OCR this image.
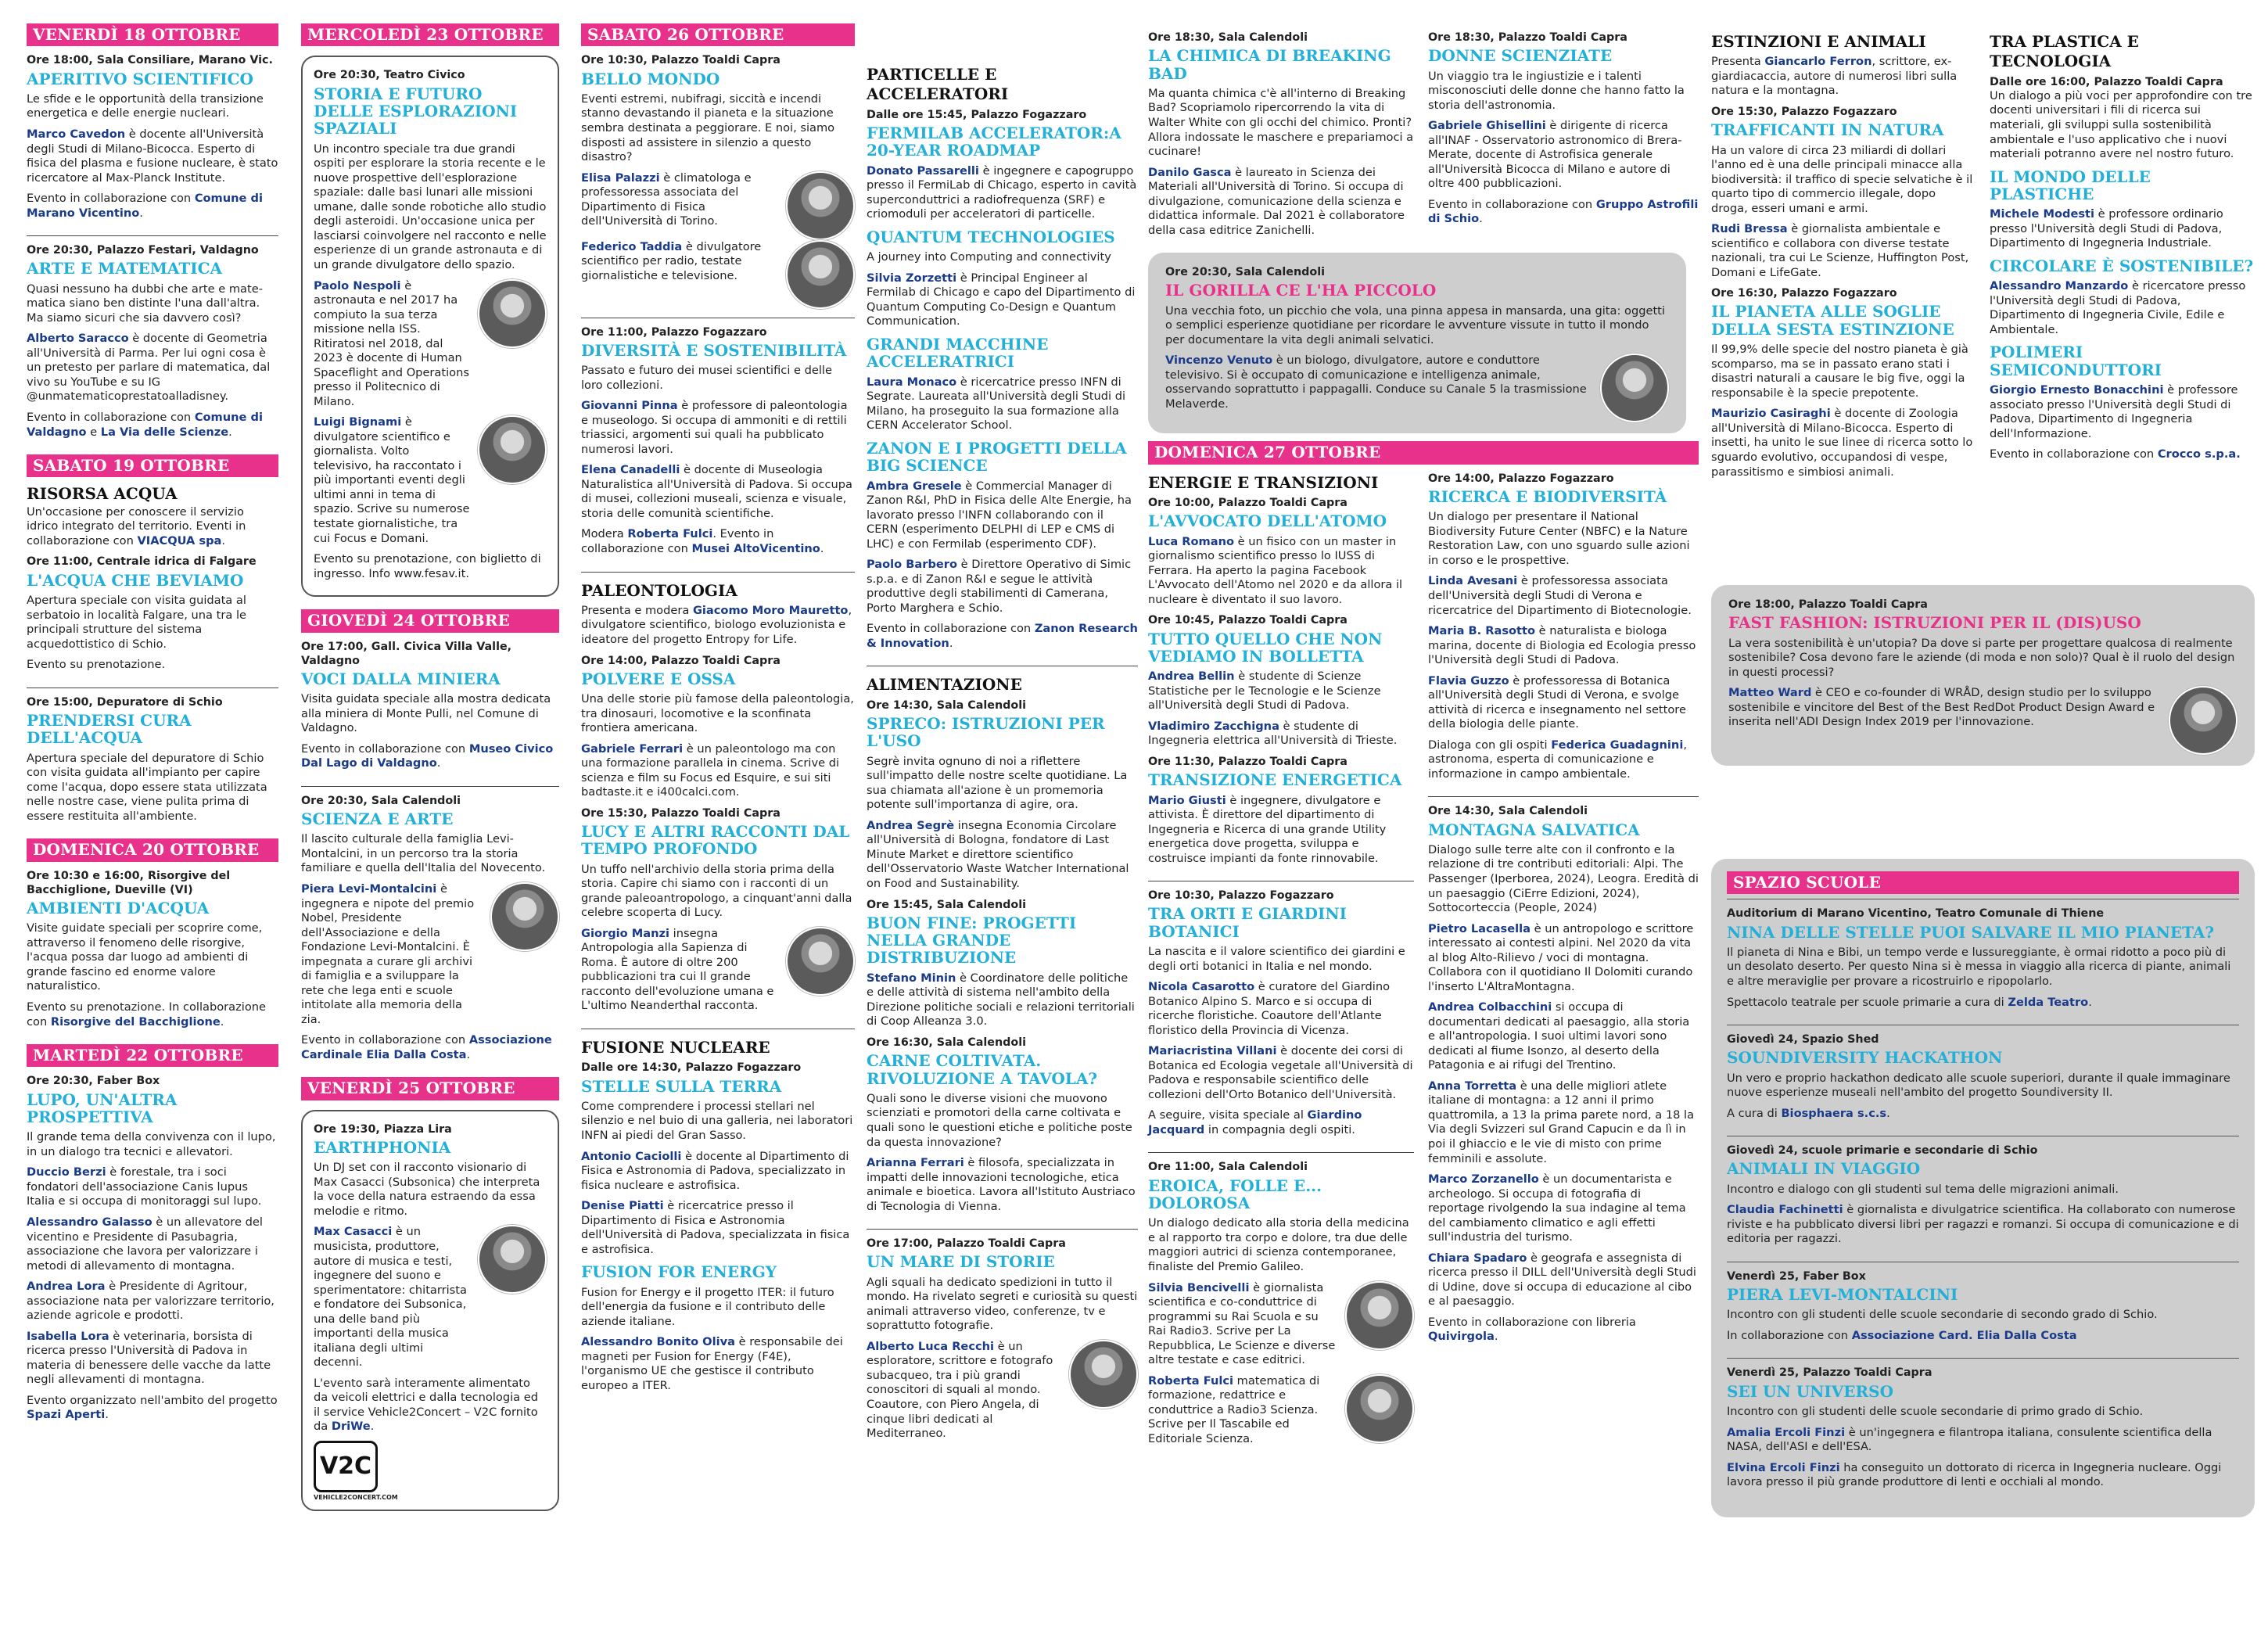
VENERDÌ 18 OTTOBRE
Ore 18:00, Sala Consiliare, Marano Vic.
APERITIVO SCIENTIFICO
Le sfide e le opportunità della transizione energetica e delle energie nucleari.
Marco Cavedon è docente all'Università degli Studi di Milano-Bicocca. Esperto di fisica del plasma e fusione nucleare, è stato ricercatore al Max-Planck Institute.
Evento in collaborazione con Comune di Marano Vicentino.
Ore 20:30, Palazzo Festari, Valdagno
ARTE E MATEMATICA
Quasi nessuno ha dubbi che arte e mate-matica siano ben distinte l'una dall'altra. Ma siamo sicuri che sia davvero così?
Alberto Saracco è docente di Geometria all'Università di Parma. Per lui ogni cosa è un pretesto per parlare di matematica, dal vivo su YouTube e su IG @unmatematicoprestatoalladisney.
Evento in collaborazione con Comune di Valdagno e La Via delle Scienze.
SABATO 19 OTTOBRE
RISORSA ACQUA
Un'occasione per conoscere il servizio idrico integrato del territorio. Eventi in collaborazione con VIACQUA spa.
Ore 11:00, Centrale idrica di Falgare
L'ACQUA CHE BEVIAMO
Apertura speciale con visita guidata al serbatoio in località Falgare, una tra le principali strutture del sistema acquedottistico di Schio.
Evento su prenotazione.
Ore 15:00, Depuratore di Schio
PRENDERSI CURA DELL'ACQUA
Apertura speciale del depuratore di Schio con visita guidata all'impianto per capire come l'acqua, dopo essere stata utilizzata nelle nostre case, viene pulita prima di essere restituita all'ambiente.
DOMENICA 20 OTTOBRE
Ore 10:30 e 16:00, Risorgive del Bacchiglione, Dueville (VI)
AMBIENTI D'ACQUA
Visite guidate speciali per scoprire come, attraverso il fenomeno delle risorgive, l'acqua possa dar luogo ad ambienti di grande fascino ed enorme valore naturalistico.
Evento su prenotazione. In collaborazione con Risorgive del Bacchiglione.
MARTEDÌ 22 OTTOBRE
Ore 20:30, Faber Box
LUPO, UN'ALTRA PROSPETTIVA
Il grande tema della convivenza con il lupo, in un dialogo tra tecnici e allevatori.
Duccio Berzi è forestale, tra i soci fondatori dell'associazione Canis lupus Italia e si occupa di monitoraggi sul lupo.
Alessandro Galasso è un allevatore del vicentino e Presidente di Pasubagria, associazione che lavora per valorizzare i metodi di allevamento di montagna.
Andrea Lora è Presidente di Agritour, associazione nata per valorizzare territorio, aziende agricole e prodotti.
Isabella Lora è veterinaria, borsista di ricerca presso l'Università di Padova in materia di benessere delle vacche da latte negli allevamenti di montagna.
Evento organizzato nell'ambito del progetto Spazi Aperti.
MERCOLEDÌ 23 OTTOBRE
Ore 20:30, Teatro Civico
STORIA E FUTURO DELLE ESPLORAZIONI SPAZIALI
Un incontro speciale tra due grandi ospiti per esplorare la storia recente e le nuove prospettive dell'esplorazione spaziale: dalle basi lunari alle missioni umane, dalle sonde robotiche allo studio degli asteroidi. Un'occasione unica per lasciarsi coinvolgere nel racconto e nelle esperienze di un grande astronauta e di un grande divulgatore dello spazio.
Paolo Nespoli è astronauta e nel 2017 ha compiuto la sua terza missione nella ISS. Ritiratosi nel 2018, dal 2023 è docente di Human Spaceflight and Operations presso il Politecnico di Milano.
Luigi Bignami è divulgatore scientifico e giornalista. Volto televisivo, ha raccontato i più importanti eventi degli ultimi anni in tema di spazio. Scrive su numerose testate giornalistiche, tra cui Focus e Domani.
Evento su prenotazione, con biglietto di ingresso. Info www.fesav.it.
GIOVEDÌ 24 OTTOBRE
Ore 17:00, Gall. Civica Villa Valle, Valdagno
VOCI DALLA MINIERA
Visita guidata speciale alla mostra dedicata alla miniera di Monte Pulli, nel Comune di Valdagno.
Evento in collaborazione con Museo Civico Dal Lago di Valdagno.
Ore 20:30, Sala Calendoli
SCIENZA E ARTE
Il lascito culturale della famiglia Levi-Montalcini, in un percorso tra la storia familiare e quella dell'Italia del Novecento.
Piera Levi-Montalcini è ingegnera e nipote del premio Nobel, Presidente dell'Associazione e della Fondazione Levi-Montalcini. È impegnata a curare gli archivi di famiglia e a sviluppare la rete che lega enti e scuole intitolate alla memoria della zia.
Evento in collaborazione con Associazione Cardinale Elia Dalla Costa.
VENERDÌ 25 OTTOBRE
Ore 19:30, Piazza Lira
EARTHPHONIA
Un DJ set con il racconto visionario di Max Casacci (Subsonica) che interpreta la voce della natura estraendo da essa melodie e ritmo.
Max Casacci è un musicista, produttore, autore di musica e testi, ingegnere del suono e sperimentatore: chitarrista e fondatore dei Subsonica, una delle band più importanti della musica italiana degli ultimi decenni.
L'evento sarà interamente alimentato da veicoli elettrici e dalla tecnologia ed il service Vehicle2Concert – V2C fornito da DriWe.
V2C
VEHICLE2CONCERT.COM
SABATO 26 OTTOBRE
Ore 10:30, Palazzo Toaldi Capra
BELLO MONDO
Eventi estremi, nubifragi, siccità e incendi stanno devastando il pianeta e la situazione sembra destinata a peggiorare. E noi, siamo disposti ad assistere in silenzio a questo disastro?
Elisa Palazzi è climatologa e professoressa associata del Dipartimento di Fisica dell'Università di Torino.
Federico Taddia è divulgatore scientifico per radio, testate giornalistiche e televisione.
Ore 11:00, Palazzo Fogazzaro
DIVERSITÀ E SOSTENIBILITÀ
Passato e futuro dei musei scientifici e delle loro collezioni.
Giovanni Pinna è professore di paleontologia e museologo. Si occupa di ammoniti e di rettili triassici, argomenti sui quali ha pubblicato numerosi lavori.
Elena Canadelli è docente di Museologia Naturalistica all'Università di Padova. Si occupa di musei, collezioni museali, scienza e visuale, storia delle comunità scientifiche.
Modera Roberta Fulci. Evento in collaborazione con Musei AltoVicentino.
PALEONTOLOGIA
Presenta e modera Giacomo Moro Mauretto, divulgatore scientifico, biologo evoluzionista e ideatore del progetto Entropy for Life.
Ore 14:00, Palazzo Toaldi Capra
POLVERE E OSSA
Una delle storie più famose della paleontologia, tra dinosauri, locomotive e la sconfinata frontiera americana.
Gabriele Ferrari è un paleontologo ma con una formazione parallela in cinema. Scrive di scienza e film su Focus ed Esquire, e sui siti badtaste.it e i400calci.com.
Ore 15:30, Palazzo Toaldi Capra
LUCY E ALTRI RACCONTI DAL TEMPO PROFONDO
Un tuffo nell'archivio della storia prima della storia. Capire chi siamo con i racconti di un grande paleoantropologo, a cinquant'anni dalla celebre scoperta di Lucy.
Giorgio Manzi insegna Antropologia alla Sapienza di Roma. È autore di oltre 200 pubblicazioni tra cui Il grande racconto dell'evoluzione umana e L'ultimo Neanderthal racconta.
FUSIONE NUCLEARE
Dalle ore 14:30, Palazzo Fogazzaro
STELLE SULLA TERRA
Come comprendere i processi stellari nel silenzio e nel buio di una galleria, nei laboratori INFN ai piedi del Gran Sasso.
Antonio Caciolli è docente al Dipartimento di Fisica e Astronomia di Padova, specializzato in fisica nucleare e astrofisica.
Denise Piatti è ricercatrice presso il Dipartimento di Fisica e Astronomia dell'Università di Padova, specializzata in fisica e astrofisica.
FUSION FOR ENERGY
Fusion for Energy e il progetto ITER: il futuro dell'energia da fusione e il contributo delle aziende italiane.
Alessandro Bonito Oliva è responsabile dei magneti per Fusion for Energy (F4E), l'organismo UE che gestisce il contributo europeo a ITER.
PARTICELLE E ACCELERATORI
Dalle ore 15:45, Palazzo Fogazzaro
FERMILAB ACCELERATOR:A 20-YEAR ROADMAP
Donato Passarelli è ingegnere e capogruppo presso il FermiLab di Chicago, esperto in cavità superconduttrici a radiofrequenza (SRF) e criomoduli per acceleratori di particelle.
QUANTUM TECHNOLOGIES
A journey into Computing and connectivity
Silvia Zorzetti è Principal Engineer al Fermilab di Chicago e capo del Dipartimento di Quantum Computing Co-Design e Quantum Communication.
GRANDI MACCHINE ACCELERATRICI
Laura Monaco è ricercatrice presso INFN di Segrate. Laureata all'Università degli Studi di Milano, ha proseguito la sua formazione alla CERN Accelerator School.
ZANON E I PROGETTI DELLA BIG SCIENCE
Ambra Gresele è Commercial Manager di Zanon R&I, PhD in Fisica delle Alte Energie, ha lavorato presso l'INFN collaborando con il CERN (esperimento DELPHI di LEP e CMS di LHC) e con Fermilab (esperimento CDF).
Paolo Barbero è Direttore Operativo di Simic s.p.a. e di Zanon R&I e segue le attività produttive degli stabilimenti di Camerana, Porto Marghera e Schio.
Evento in collaborazione con Zanon Research & Innovation.
ALIMENTAZIONE
Ore 14:30, Sala Calendoli
SPRECO: ISTRUZIONI PER L'USO
Segrè invita ognuno di noi a riflettere sull'impatto delle nostre scelte quotidiane. La sua chiamata all'azione è un promemoria potente sull'importanza di agire, ora.
Andrea Segrè insegna Economia Circolare all'Università di Bologna, fondatore di Last Minute Market e direttore scientifico dell'Osservatorio Waste Watcher International on Food and Sustainability.
Ore 15:45, Sala Calendoli
BUON FINE: PROGETTI NELLA GRANDE DISTRIBUZIONE
Stefano Minin è Coordinatore delle politiche e delle attività di sistema nell'ambito della Direzione politiche sociali e relazioni territoriali di Coop Alleanza 3.0.
Ore 16:30, Sala Calendoli
CARNE COLTIVATA. RIVOLUZIONE A TAVOLA?
Quali sono le diverse visioni che muovono scienziati e promotori della carne coltivata e quali sono le questioni etiche e politiche poste da questa innovazione?
Arianna Ferrari è filosofa, specializzata in impatti delle innovazioni tecnologiche, etica animale e bioetica. Lavora all'Istituto Austriaco di Tecnologia di Vienna.
Ore 17:00, Palazzo Toaldi Capra
UN MARE DI STORIE
Agli squali ha dedicato spedizioni in tutto il mondo. Ha rivelato segreti e curiosità su questi animali attraverso video, conferenze, tv e soprattutto fotografie.
Alberto Luca Recchi è un esploratore, scrittore e fotografo subacqueo, tra i più grandi conoscitori di squali al mondo. Coautore, con Piero Angela, di cinque libri dedicati al Mediterraneo.
Ore 18:30, Sala Calendoli
LA CHIMICA DI BREAKING BAD
Ma quanta chimica c'è all'interno di Breaking Bad? Scopriamolo ripercorrendo la vita di Walter White con gli occhi del chimico. Pronti? Allora indossate le maschere e prepariamoci a cucinare!
Danilo Gasca è laureato in Scienza dei Materiali all'Università di Torino. Si occupa di divulgazione, comunicazione della scienza e didattica informale. Dal 2021 è collaboratore della casa editrice Zanichelli.
Ore 18:30, Palazzo Toaldi Capra
DONNE SCIENZIATE
Un viaggio tra le ingiustizie e i talenti misconosciuti delle donne che hanno fatto la storia dell'astronomia.
Gabriele Ghisellini è dirigente di ricerca all'INAF - Osservatorio astronomico di Brera-Merate, docente di Astrofisica generale all'Università Bicocca di Milano e autore di oltre 400 pubblicazioni.
Evento in collaborazione con Gruppo Astrofili di Schio.
Ore 20:30, Sala Calendoli
IL GORILLA CE L'HA PICCOLO
Una vecchia foto, un picchio che vola, una pinna appesa in mansarda, una gita: oggetti o semplici esperienze quotidiane per ricordare le avventure vissute in tutto il mondo per documentare la vita degli animali selvatici.
Vincenzo Venuto è un biologo, divulgatore, autore e conduttore televisivo. Si è occupato di comunicazione e intelligenza animale, osservando soprattutto i pappagalli. Conduce su Canale 5 la trasmissione Melaverde.
DOMENICA 27 OTTOBRE
ENERGIE E TRANSIZIONI
Ore 10:00, Palazzo Toaldi Capra
L'AVVOCATO DELL'ATOMO
Luca Romano è un fisico con un master in giornalismo scientifico presso lo IUSS di Ferrara. Ha aperto la pagina Facebook L'Avvocato dell'Atomo nel 2020 e da allora il nucleare è diventato il suo lavoro.
Ore 10:45, Palazzo Toaldi Capra
TUTTO QUELLO CHE NON VEDIAMO IN BOLLETTA
Andrea Bellin è studente di Scienze Statistiche per le Tecnologie e le Scienze all'Università degli Studi di Padova.
Vladimiro Zacchigna è studente di Ingegneria elettrica all'Università di Trieste.
Ore 11:30, Palazzo Toaldi Capra
TRANSIZIONE ENERGETICA
Mario Giusti è ingegnere, divulgatore e attivista. È direttore del dipartimento di Ingegneria e Ricerca di una grande Utility energetica dove progetta, sviluppa e costruisce impianti da fonte rinnovabile.
Ore 10:30, Palazzo Fogazzaro
TRA ORTI E GIARDINI BOTANICI
La nascita e il valore scientifico dei giardini e degli orti botanici in Italia e nel mondo.
Nicola Casarotto è curatore del Giardino Botanico Alpino S. Marco e si occupa di ricerche floristiche. Coautore dell'Atlante floristico della Provincia di Vicenza.
Mariacristina Villani è docente dei corsi di Botanica ed Ecologia vegetale all'Università di Padova e responsabile scientifico delle collezioni dell'Orto Botanico dell'Università.
A seguire, visita speciale al Giardino Jacquard in compagnia degli ospiti.
Ore 11:00, Sala Calendoli
EROICA, FOLLE E... DOLOROSA
Un dialogo dedicato alla storia della medicina e al rapporto tra corpo e dolore, tra due delle maggiori autrici di scienza contemporanee, finaliste del Premio Galileo.
Silvia Bencivelli è giornalista scientifica e co-conduttrice di programmi su Rai Scuola e su Rai Radio3. Scrive per La Repubblica, Le Scienze e diverse altre testate e case editrici.
Roberta Fulci matematica di formazione, redattrice e conduttrice a Radio3 Scienza. Scrive per Il Tascabile ed Editoriale Scienza.
Ore 14:00, Palazzo Fogazzaro
RICERCA E BIODIVERSITÀ
Un dialogo per presentare il National Biodiversity Future Center (NBFC) e la Nature Restoration Law, con uno sguardo sulle azioni in corso e le prospettive.
Linda Avesani è professoressa associata dell'Università degli Studi di Verona e ricercatrice del Dipartimento di Biotecnologie.
Maria B. Rasotto è naturalista e biologa marina, docente di Biologia ed Ecologia presso l'Università degli Studi di Padova.
Flavia Guzzo è professoressa di Botanica all'Università degli Studi di Verona, e svolge attività di ricerca e insegnamento nel settore della biologia delle piante.
Dialoga con gli ospiti Federica Guadagnini, astronoma, esperta di comunicazione e informazione in campo ambientale.
Ore 14:30, Sala Calendoli
MONTAGNA SALVATICA
Dialogo sulle terre alte con il confronto e la relazione di tre contributi editoriali: Alpi. The Passenger (Iperborea, 2024), Leogra. Eredità di un paesaggio (CiErre Edizioni, 2024), Sottocorteccia (People, 2024)
Pietro Lacasella è un antropologo e scrittore interessato ai contesti alpini. Nel 2020 da vita al blog Alto-Rilievo / voci di montagna. Collabora con il quotidiano Il Dolomiti curando l'inserto L'AltraMontagna.
Andrea Colbacchini si occupa di documentari dedicati al paesaggio, alla storia e all'antropologia. I suoi ultimi lavori sono dedicati al fiume Isonzo, al deserto della Patagonia e ai rifugi del Trentino.
Anna Torretta è una delle migliori atlete italiane di montagna: a 12 anni il primo quattromila, a 13 la prima parete nord, a 18 la Via degli Svizzeri sul Grand Capucin e da lì in poi il ghiaccio e le vie di misto con prime femminili e assolute.
Marco Zorzanello è un documentarista e archeologo. Si occupa di fotografia di reportage rivolgendo la sua indagine al tema del cambiamento climatico e agli effetti sull'industria del turismo.
Chiara Spadaro è geografa e assegnista di ricerca presso il DILL dell'Università degli Studi di Udine, dove si occupa di educazione al cibo e al paesaggio.
Evento in collaborazione con libreria Quivirgola.
ESTINZIONI E ANIMALI
Presenta Giancarlo Ferron, scrittore, ex-giardiacaccia, autore di numerosi libri sulla natura e la montagna.
Ore 15:30, Palazzo Fogazzaro
TRAFFICANTI IN NATURA
Ha un valore di circa 23 miliardi di dollari l'anno ed è una delle principali minacce alla biodiversità: il traffico di specie selvatiche è il quarto tipo di commercio illegale, dopo droga, esseri umani e armi.
Rudi Bressa è giornalista ambientale e scientifico e collabora con diverse testate nazionali, tra cui Le Scienze, Huffington Post, Domani e LifeGate.
Ore 16:30, Palazzo Fogazzaro
IL PIANETA ALLE SOGLIE DELLA SESTA ESTINZIONE
Il 99,9% delle specie del nostro pianeta è già scomparso, ma se in passato erano stati i disastri naturali a causare le big five, oggi la responsabile è la specie prepotente.
Maurizio Casiraghi è docente di Zoologia all'Università di Milano-Bicocca. Esperto di insetti, ha unito le sue linee di ricerca sotto lo sguardo evolutivo, occupandosi di vespe, parassitismo e simbiosi animali.
TRA PLASTICA E TECNOLOGIA
Dalle ore 16:00, Palazzo Toaldi Capra
Un dialogo a più voci per approfondire con tre docenti universitari i fili di ricerca sui materiali, gli sviluppi sulla sostenibilità ambientale e l'uso applicativo che i nuovi materiali potranno avere nel nostro futuro.
IL MONDO DELLE PLASTICHE
Michele Modesti è professore ordinario presso l'Università degli Studi di Padova, Dipartimento di Ingegneria Industriale.
CIRCOLARE È SOSTENIBILE?
Alessandro Manzardo è ricercatore presso l'Università degli Studi di Padova, Dipartimento di Ingegneria Civile, Edile e Ambientale.
POLIMERI SEMICONDUTTORI
Giorgio Ernesto Bonacchini è professore associato presso l'Università degli Studi di Padova, Dipartimento di Ingegneria dell'Informazione.
Evento in collaborazione con Crocco s.p.a.
Ore 18:00, Palazzo Toaldi Capra
FAST FASHION: ISTRUZIONI PER IL (DIS)USO
La vera sostenibilità è un'utopia? Da dove si parte per progettare qualcosa di realmente sostenibile? Cosa devono fare le aziende (di moda e non solo)? Qual è il ruolo del design in questi processi?
Matteo Ward è CEO e co-founder di WRÅD, design studio per lo sviluppo sostenibile e vincitore del Best of the Best RedDot Product Design Award e inserita nell'ADI Design Index 2019 per l'innovazione.
SPAZIO SCUOLE
Auditorium di Marano Vicentino, Teatro Comunale di Thiene
NINA DELLE STELLE PUOI SALVARE IL MIO PIANETA?
Il pianeta di Nina e Bibi, un tempo verde e lussureggiante, è ormai ridotto a poco più di un desolato deserto. Per questo Nina si è messa in viaggio alla ricerca di piante, animali e altre meraviglie per provare a ricostruirlo e ripopolarlo.
Spettacolo teatrale per scuole primarie a cura di Zelda Teatro.
Giovedì 24, Spazio Shed
SOUNDIVERSITY HACKATHON
Un vero e proprio hackathon dedicato alle scuole superiori, durante il quale immaginare nuove esperienze museali nell'ambito del progetto Soundiversity II.
A cura di Biosphaera s.c.s.
Giovedì 24, scuole primarie e secondarie di Schio
ANIMALI IN VIAGGIO
Incontro e dialogo con gli studenti sul tema delle migrazioni animali.
Claudia Fachinetti è giornalista e divulgatrice scientifica. Ha collaborato con numerose riviste e ha pubblicato diversi libri per ragazzi e romanzi. Si occupa di comunicazione e di editoria per ragazzi.
Venerdì 25, Faber Box
PIERA LEVI-MONTALCINI
Incontro con gli studenti delle scuole secondarie di secondo grado di Schio.
In collaborazione con Associazione Card. Elia Dalla Costa
Venerdì 25, Palazzo Toaldi Capra
SEI UN UNIVERSO
Incontro con gli studenti delle scuole secondarie di primo grado di Schio.
Amalia Ercoli Finzi è un'ingegnera e filantropa italiana, consulente scientifica della NASA, dell'ASI e dell'ESA.
Elvina Ercoli Finzi ha conseguito un dottorato di ricerca in Ingegneria nucleare. Oggi lavora presso il più grande produttore di lenti e occhiali al mondo.
